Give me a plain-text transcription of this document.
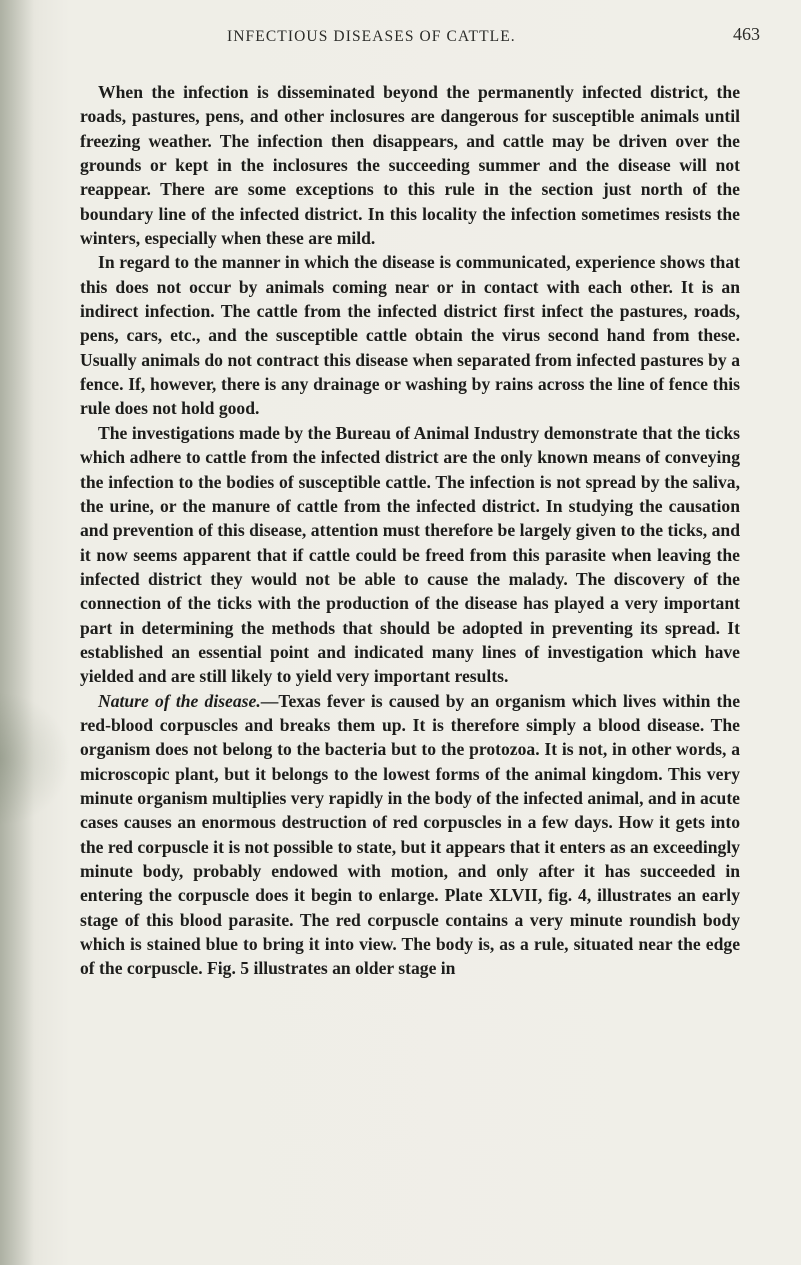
INFECTIOUS DISEASES OF CATTLE.	463

When the infection is disseminated beyond the permanently infected district, the roads, pastures, pens, and other inclosures are dangerous for susceptible animals until freezing weather. The infection then disappears, and cattle may be driven over the grounds or kept in the inclosures the succeeding summer and the disease will not reappear. There are some exceptions to this rule in the section just north of the boundary line of the infected district. In this locality the infection sometimes resists the winters, especially when these are mild.

In regard to the manner in which the disease is communicated, experience shows that this does not occur by animals coming near or in contact with each other. It is an indirect infection. The cattle from the infected district first infect the pastures, roads, pens, cars, etc., and the susceptible cattle obtain the virus second hand from these. Usually animals do not contract this disease when separated from infected pastures by a fence. If, however, there is any drainage or washing by rains across the line of fence this rule does not hold good.

The investigations made by the Bureau of Animal Industry demonstrate that the ticks which adhere to cattle from the infected district are the only known means of conveying the infection to the bodies of susceptible cattle. The infection is not spread by the saliva, the urine, or the manure of cattle from the infected district. In studying the causation and prevention of this disease, attention must therefore be largely given to the ticks, and it now seems apparent that if cattle could be freed from this parasite when leaving the infected district they would not be able to cause the malady. The discovery of the connection of the ticks with the production of the disease has played a very important part in determining the methods that should be adopted in preventing its spread. It established an essential point and indicated many lines of investigation which have yielded and are still likely to yield very important results.

Nature of the disease.—Texas fever is caused by an organism which lives within the red-blood corpuscles and breaks them up. It is therefore simply a blood disease. The organism does not belong to the bacteria but to the protozoa. It is not, in other words, a microscopic plant, but it belongs to the lowest forms of the animal kingdom. This very minute organism multiplies very rapidly in the body of the infected animal, and in acute cases causes an enormous destruction of red corpuscles in a few days. How it gets into the red corpuscle it is not possible to state, but it appears that it enters as an exceedingly minute body, probably endowed with motion, and only after it has succeeded in entering the corpuscle does it begin to enlarge. Plate XLVII, fig. 4, illustrates an early stage of this blood parasite. The red corpuscle contains a very minute roundish body which is stained blue to bring it into view. The body is, as a rule, situated near the edge of the corpuscle. Fig. 5 illustrates an older stage in
